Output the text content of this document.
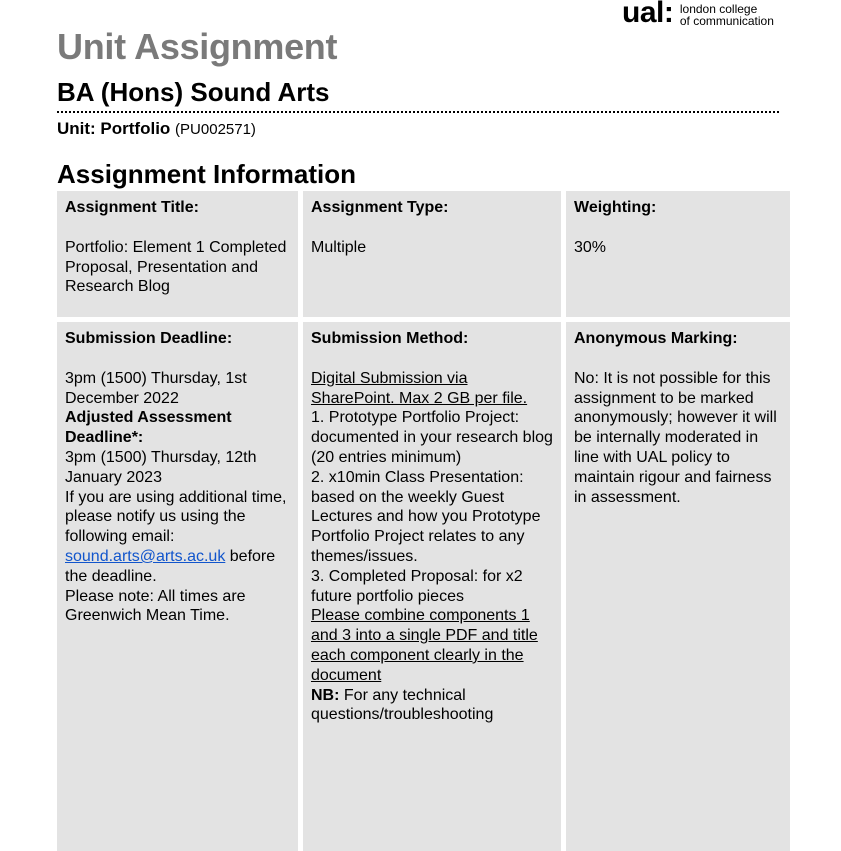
ual : london college
of communication
Unit Assignment
BA (Hons) Sound Arts
Unit: Portfolio (PU002571)
Assignment Information
Assignment Title:

Portfolio: Element 1 Completed Proposal, Presentation and Research Blog

Assignment Type:

Multiple

Weighting:

30%

Submission Deadline:

3pm (1500) Thursday, 1st December 2022

Adjusted Assessment Deadline*:

3pm (1500) Thursday, 12th January 2023

If you are using additional time, please notify us using the following email: sound.arts@arts.ac.uk before the deadline.

Please note: All times are Greenwich Mean Time.

Submission Method:

Digital Submission via SharePoint. Max 2 GB per file.

1. Prototype Portfolio Project: documented in your research blog (20 entries minimum)

2. x10min Class Presentation: based on the weekly Guest Lectures and how you Prototype Portfolio Project relates to any themes/issues.

3. Completed Proposal: for x2 future portfolio pieces

Please combine components 1 and 3 into a single PDF and title each component clearly in the document

NB: For any technical questions/troubleshooting

Anonymous Marking:

No: It is not possible for this assignment to be marked anonymously; however it will be internally moderated in line with UAL policy to maintain rigour and fairness in assessment.
